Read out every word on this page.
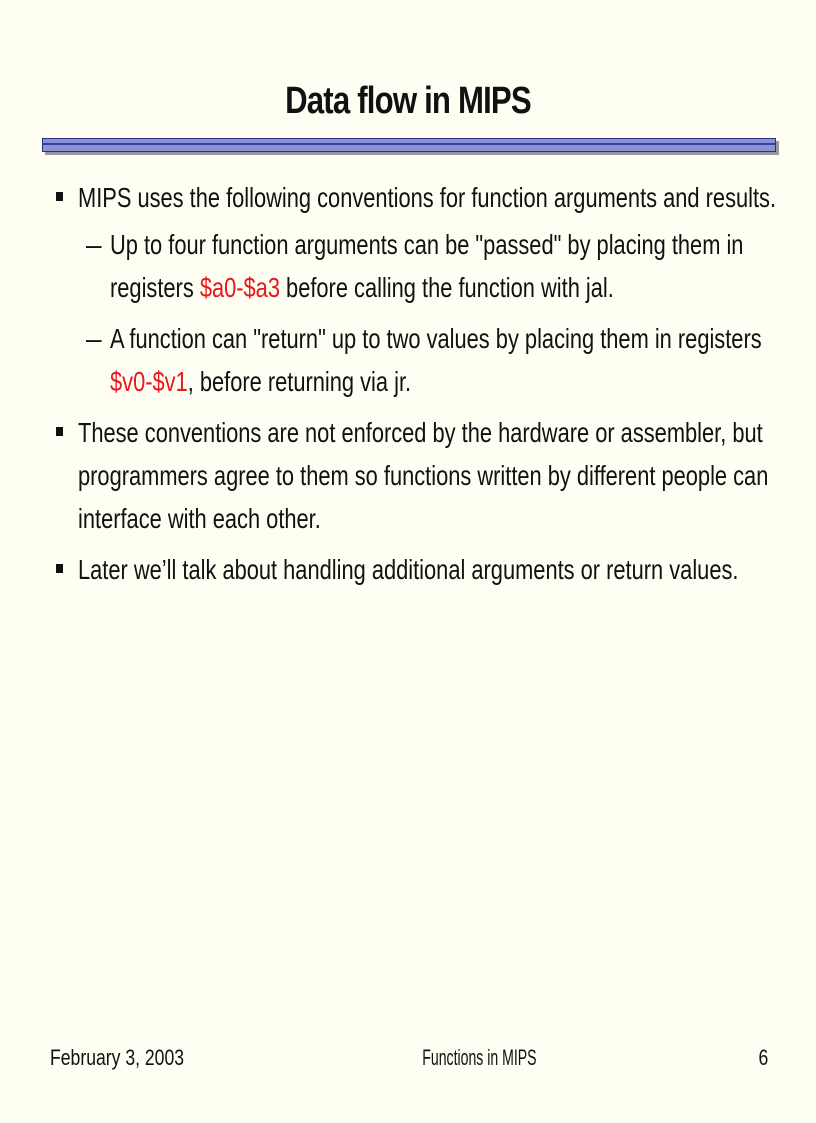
Data flow in MIPS
MIPS uses the following conventions for function arguments and results.
– Up to four function arguments can be "passed" by placing them in
registers $a0-$a3 before calling the function with jal.
– A function can "return" up to two values by placing them in registers
$v0-$v1, before returning via jr.
These conventions are not enforced by the hardware or assembler, but
programmers agree to them so functions written by different people can
interface with each other.
Later we’ll talk about handling additional arguments or return values.
February 3, 2003	Functions in MIPS	6
